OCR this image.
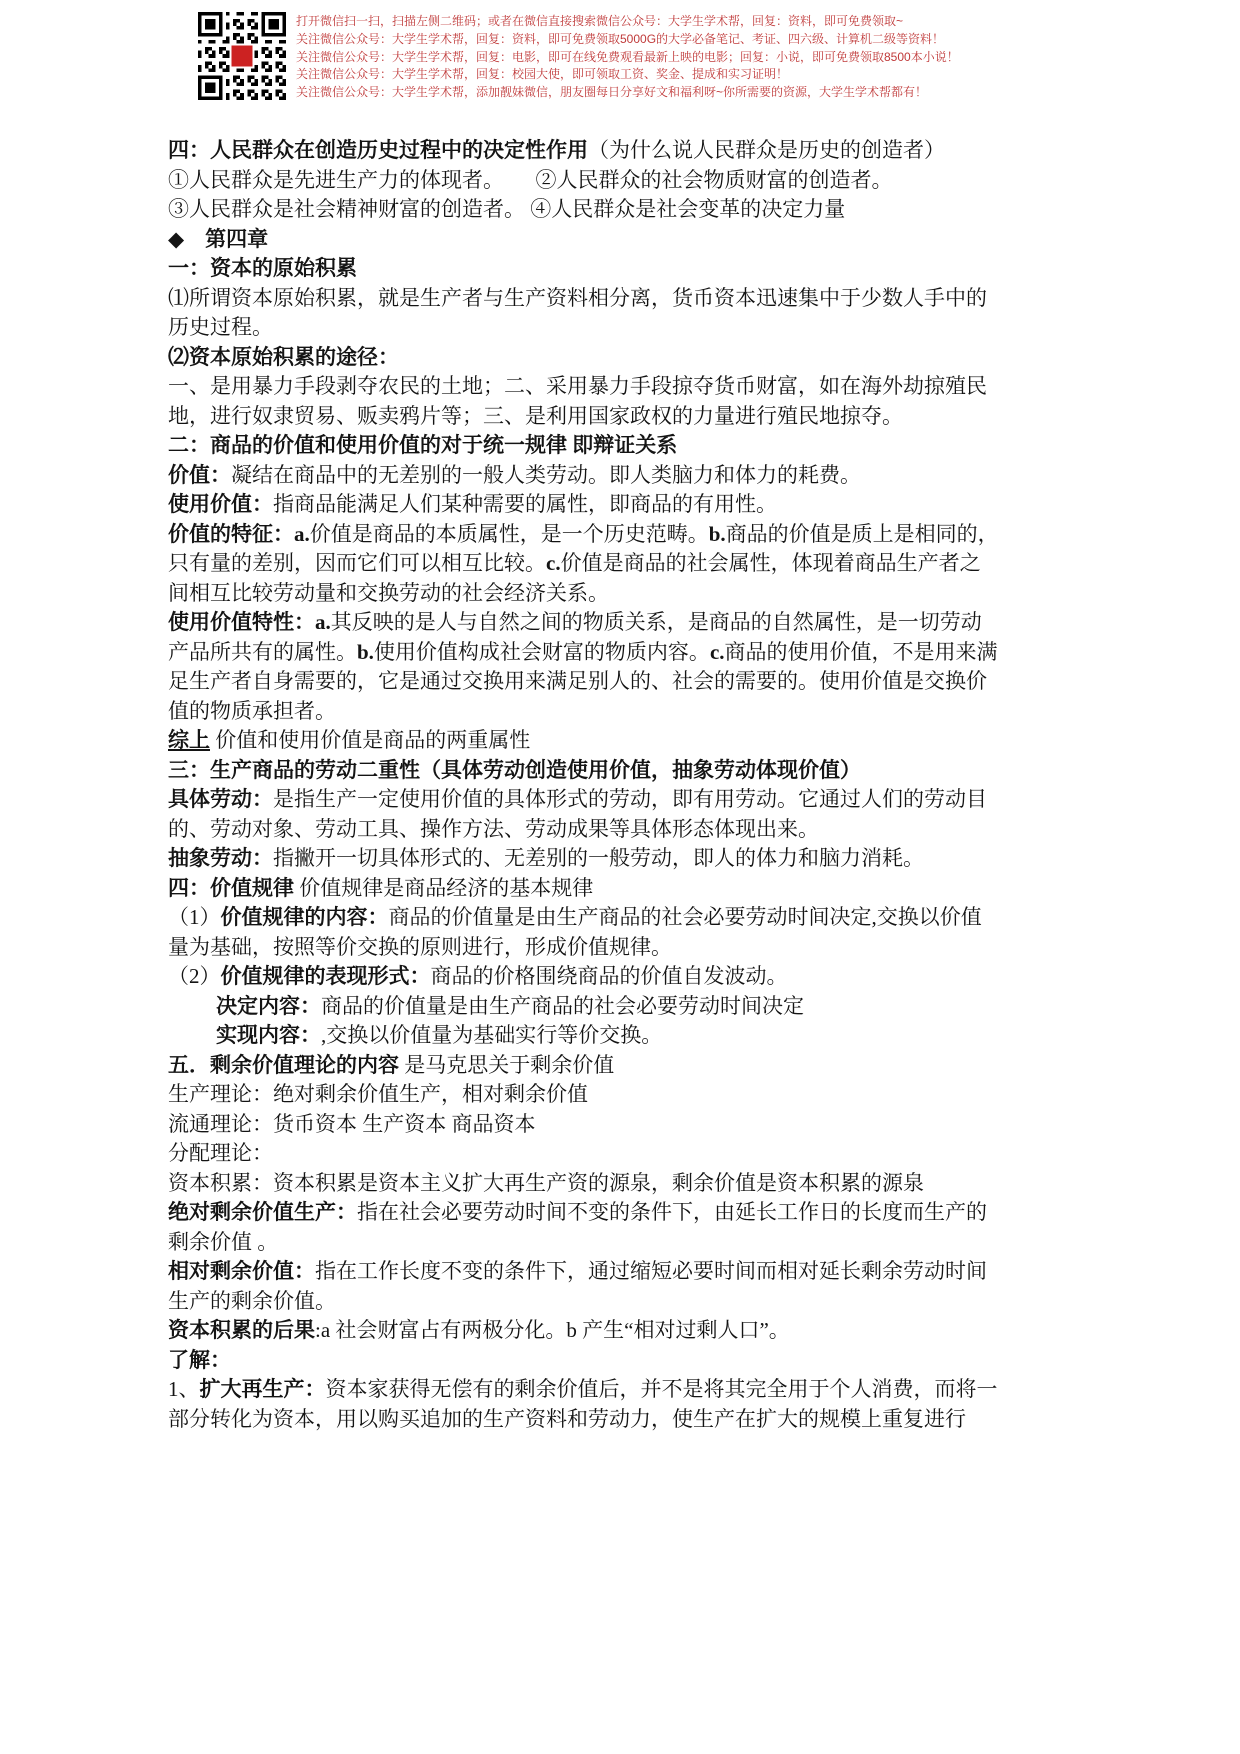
打开微信扫一扫，扫描左侧二维码；或者在微信直接搜索微信公众号：大学生学术帮，回复：资料，即可免费领取~
关注微信公众号：大学生学术帮，回复：资料，即可免费领取5000G的大学必备笔记、考证、四六级、计算机二级等资料！
关注微信公众号：大学生学术帮，回复：电影，即可在线免费观看最新上映的电影；回复：小说，即可免费领取8500本小说！
关注微信公众号：大学生学术帮，回复：校园大使，即可领取工资、奖金、提成和实习证明！
关注微信公众号：大学生学术帮，添加靓妹微信，朋友圈每日分享好文和福利呀~你所需要的资源，大学生学术帮都有！
四：人民群众在创造历史过程中的决定性作用（为什么说人民群众是历史的创造者）
①人民群众是先进生产力的体现者。　　②人民群众的社会物质财富的创造者。
③人民群众是社会精神财富的创造者。 ④人民群众是社会变革的决定力量
◆　第四章
一：资本的原始积累
⑴所谓资本原始积累，就是生产者与生产资料相分离，货币资本迅速集中于少数人手中的
历史过程。
⑵资本原始积累的途径：
一、是用暴力手段剥夺农民的土地；二、采用暴力手段掠夺货币财富，如在海外劫掠殖民
地，进行奴隶贸易、贩卖鸦片等；三、是利用国家政权的力量进行殖民地掠夺。
二：商品的价值和使用价值的对于统一规律 即辩证关系
价值：凝结在商品中的无差别的一般人类劳动。即人类脑力和体力的耗费。
使用价值：指商品能满足人们某种需要的属性，即商品的有用性。
价值的特征：a.价值是商品的本质属性，是一个历史范畴。b.商品的价值是质上是相同的，
只有量的差别，因而它们可以相互比较。c.价值是商品的社会属性，体现着商品生产者之
间相互比较劳动量和交换劳动的社会经济关系。
使用价值特性：a.其反映的是人与自然之间的物质关系，是商品的自然属性，是一切劳动
产品所共有的属性。b.使用价值构成社会财富的物质内容。c.商品的使用价值，不是用来满
足生产者自身需要的，它是通过交换用来满足别人的、社会的需要的。使用价值是交换价
值的物质承担者。
综上 价值和使用价值是商品的两重属性
三：生产商品的劳动二重性（具体劳动创造使用价值，抽象劳动体现价值）
具体劳动：是指生产一定使用价值的具体形式的劳动，即有用劳动。它通过人们的劳动目
的、劳动对象、劳动工具、操作方法、劳动成果等具体形态体现出来。
抽象劳动：指撇开一切具体形式的、无差别的一般劳动，即人的体力和脑力消耗。
四：价值规律 价值规律是商品经济的基本规律
（1）价值规律的内容：商品的价值量是由生产商品的社会必要劳动时间决定,交换以价值
量为基础，按照等价交换的原则进行，形成价值规律。
（2）价值规律的表现形式：商品的价格围绕商品的价值自发波动。
决定内容：商品的价值量是由生产商品的社会必要劳动时间决定
实现内容：,交换以价值量为基础实行等价交换。
五．剩余价值理论的内容 是马克思关于剩余价值
生产理论：绝对剩余价值生产，相对剩余价值
流通理论：货币资本 生产资本 商品资本
分配理论：
资本积累：资本积累是资本主义扩大再生产资的源泉，剩余价值是资本积累的源泉
绝对剩余价值生产：指在社会必要劳动时间不变的条件下，由延长工作日的长度而生产的
剩余价值 。
相对剩余价值：指在工作长度不变的条件下，通过缩短必要时间而相对延长剩余劳动时间
生产的剩余价值。
资本积累的后果:a 社会财富占有两极分化。b 产生“相对过剩人口”。
了解：
1、扩大再生产：资本家获得无偿有的剩余价值后，并不是将其完全用于个人消费，而将一
部分转化为资本，用以购买追加的生产资料和劳动力，使生产在扩大的规模上重复进行
